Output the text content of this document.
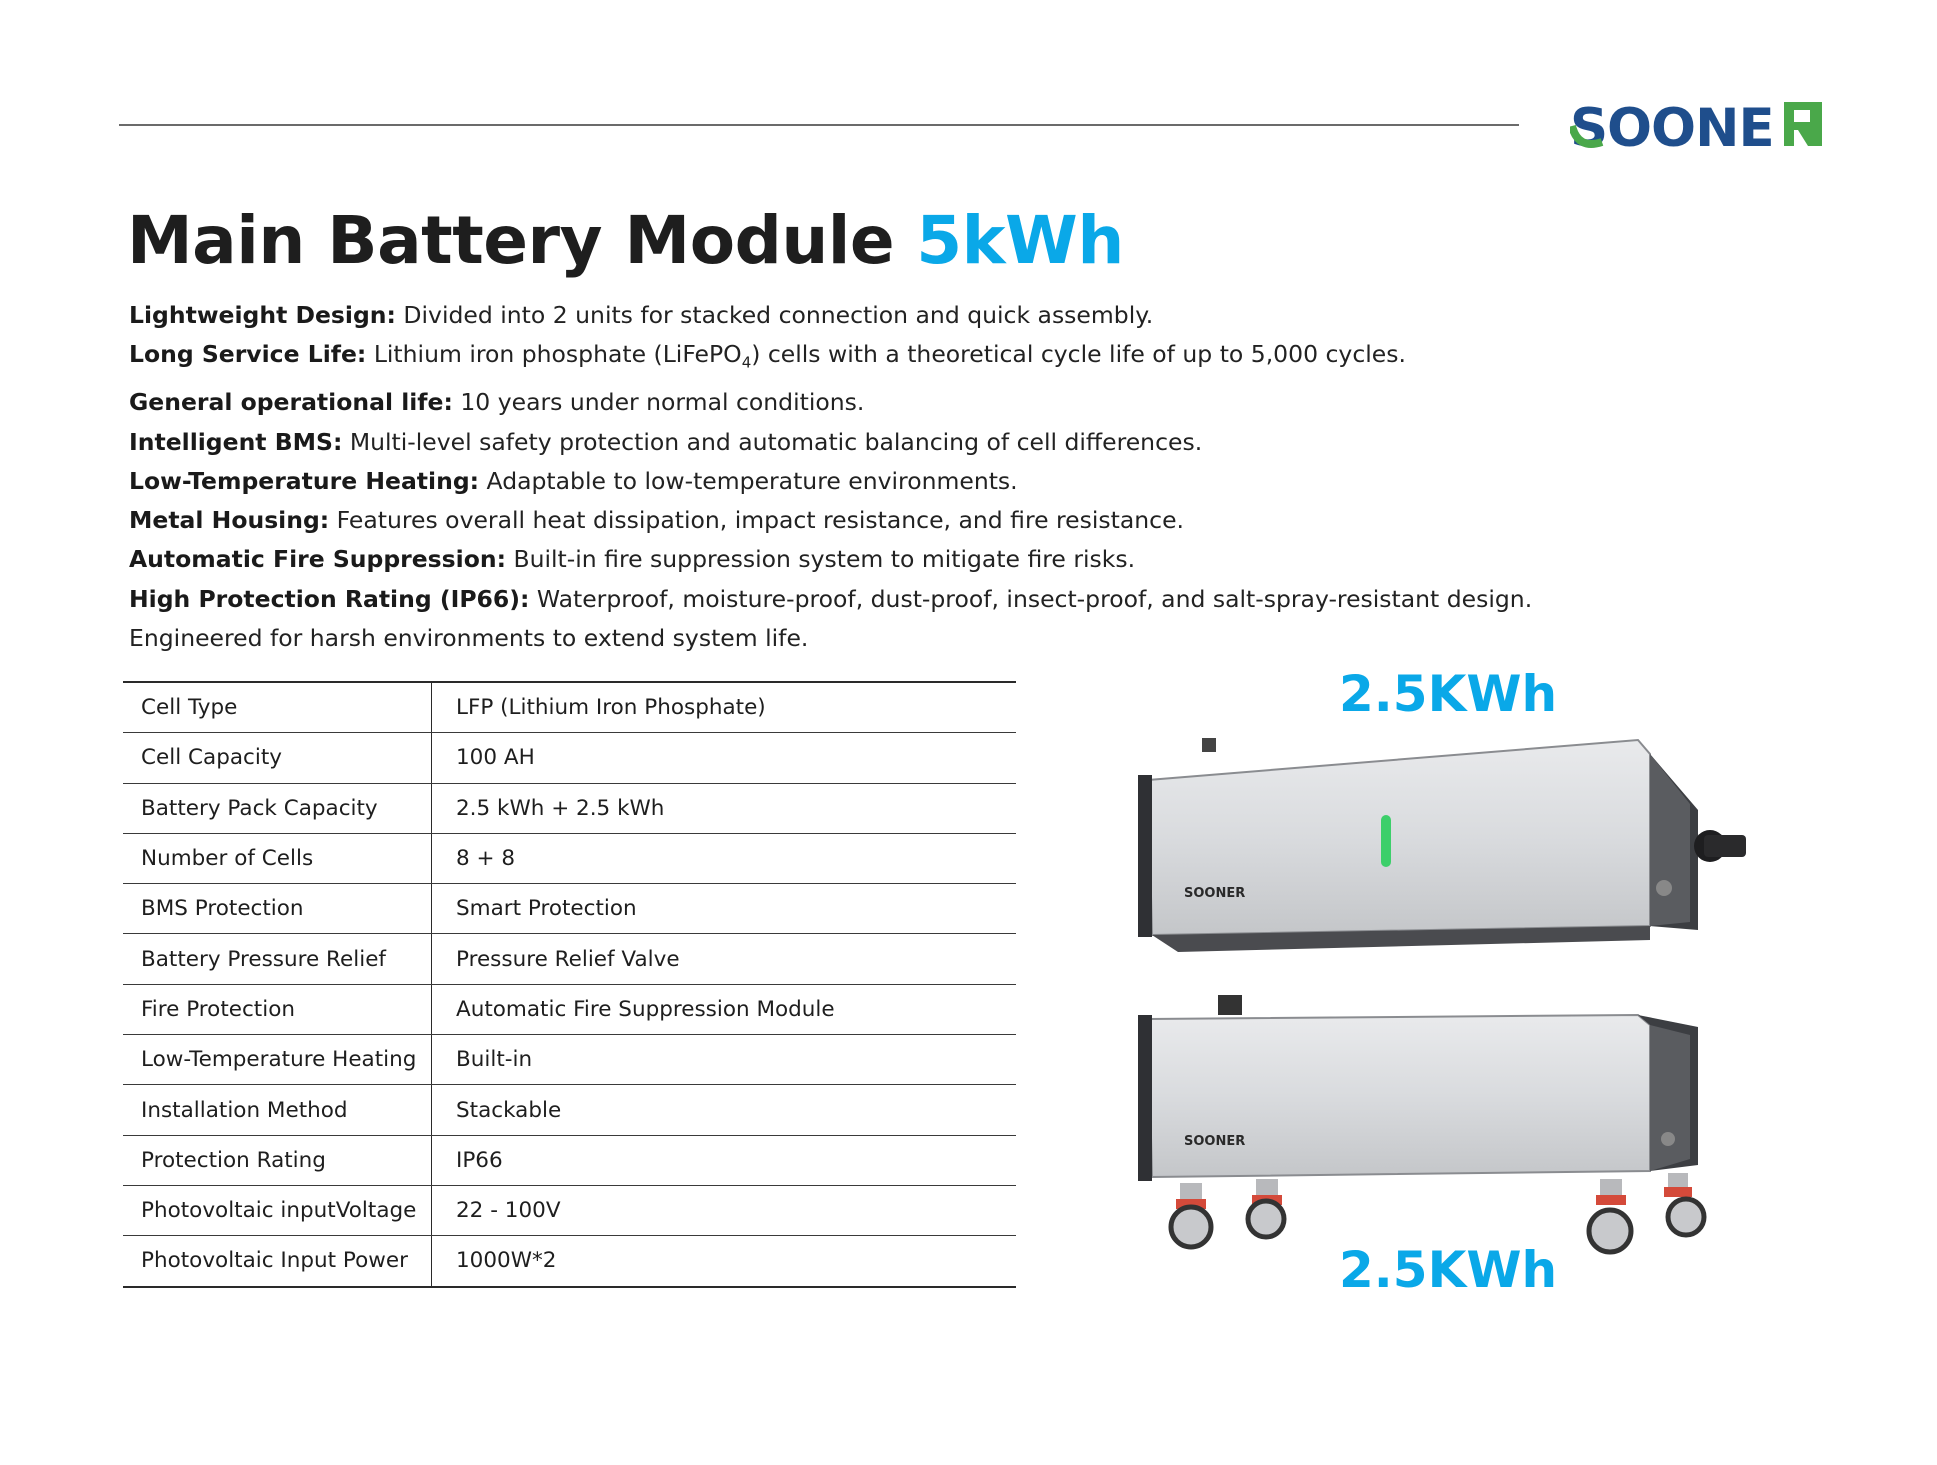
S OONE
Main Battery Module 5kWh

Lightweight Design: Divided into 2 units for stacked connection and quick assembly.

Long Service Life: Lithium iron phosphate (LiFePO$_4$) cells with a theoretical cycle life of up to 5,000 cycles.

General operational life: 10 years under normal conditions.

Intelligent BMS: Multi-level safety protection and automatic balancing of cell differences.

Low-Temperature Heating: Adaptable to low-temperature environments.

Metal Housing: Features overall heat dissipation, impact resistance, and fire resistance.

Automatic Fire Suppression: Built-in fire suppression system to mitigate fire risks.

High Protection Rating (IP66): Waterproof, moisture-proof, dust-proof, insect-proof, and salt-spray-resistant design.

Engineered for harsh environments to extend system life.

Cell Type	LFP (Lithium Iron Phosphate)
Cell Capacity	100 AH
Battery Pack Capacity	2.5 kWh + 2.5 kWh
Number of Cells	8 + 8
BMS Protection	Smart Protection
Battery Pressure Relief	Pressure Relief Valve
Fire Protection	Automatic Fire Suppression Module
Low-Temperature Heating	Built-in
Installation Method	Stackable
Protection Rating	IP66
Photovoltaic inputVoltage	22 - 100V
Photovoltaic Input Power	1000W*2
2.5KWh
2.5KWh
SOONER
SOONER
